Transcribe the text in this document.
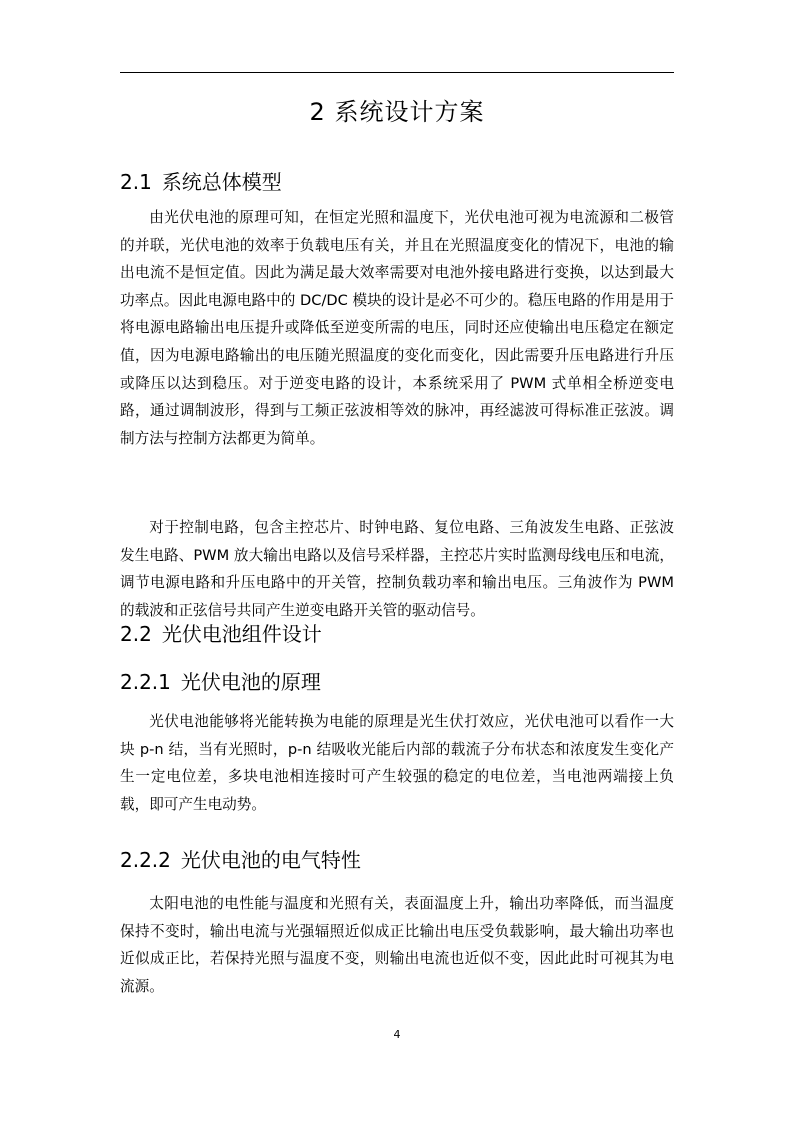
2 系统设计方案
2.1 系统总体模型

由光伏电池的原理可知，在恒定光照和温度下，光伏电池可视为电流源和二极管的并联，光伏电池的效率于负载电压有关，并且在光照温度变化的情况下，电池的输出电流不是恒定值。因此为满足最大效率需要对电池外接电路进行变换，以达到最大功率点。因此电源电路中的 DC/DC 模块的设计是必不可少的。稳压电路的作用是用于将电源电路输出电压提升或降低至逆变所需的电压，同时还应使输出电压稳定在额定值，因为电源电路输出的电压随光照温度的变化而变化，因此需要升压电路进行升压或降压以达到稳压。对于逆变电路的设计，本系统采用了 PWM 式单相全桥逆变电路，通过调制波形，得到与工频正弦波相等效的脉冲，再经滤波可得标准正弦波。调制方法与控制方法都更为简单。

对于控制电路，包含主控芯片、时钟电路、复位电路、三角波发生电路、正弦波发生电路、PWM 放大输出电路以及信号采样器，主控芯片实时监测母线电压和电流，调节电源电路和升压电路中的开关管，控制负载功率和输出电压。三角波作为 PWM 的载波和正弦信号共同产生逆变电路开关管的驱动信号。

2.2 光伏电池组件设计
2.2.1 光伏电池的原理

光伏电池能够将光能转换为电能的原理是光生伏打效应，光伏电池可以看作一大块 p-n 结，当有光照时，p-n 结吸收光能后内部的载流子分布状态和浓度发生变化产生一定电位差，多块电池相连接时可产生较强的稳定的电位差，当电池两端接上负载，即可产生电动势。

2.2.2 光伏电池的电气特性

太阳电池的电性能与温度和光照有关，表面温度上升，输出功率降低，而当温度保持不变时，输出电流与光强辐照近似成正比输出电压受负载影响，最大输出功率也近似成正比，若保持光照与温度不变，则输出电流也近似不变，因此此时可视其为电流源。

4
